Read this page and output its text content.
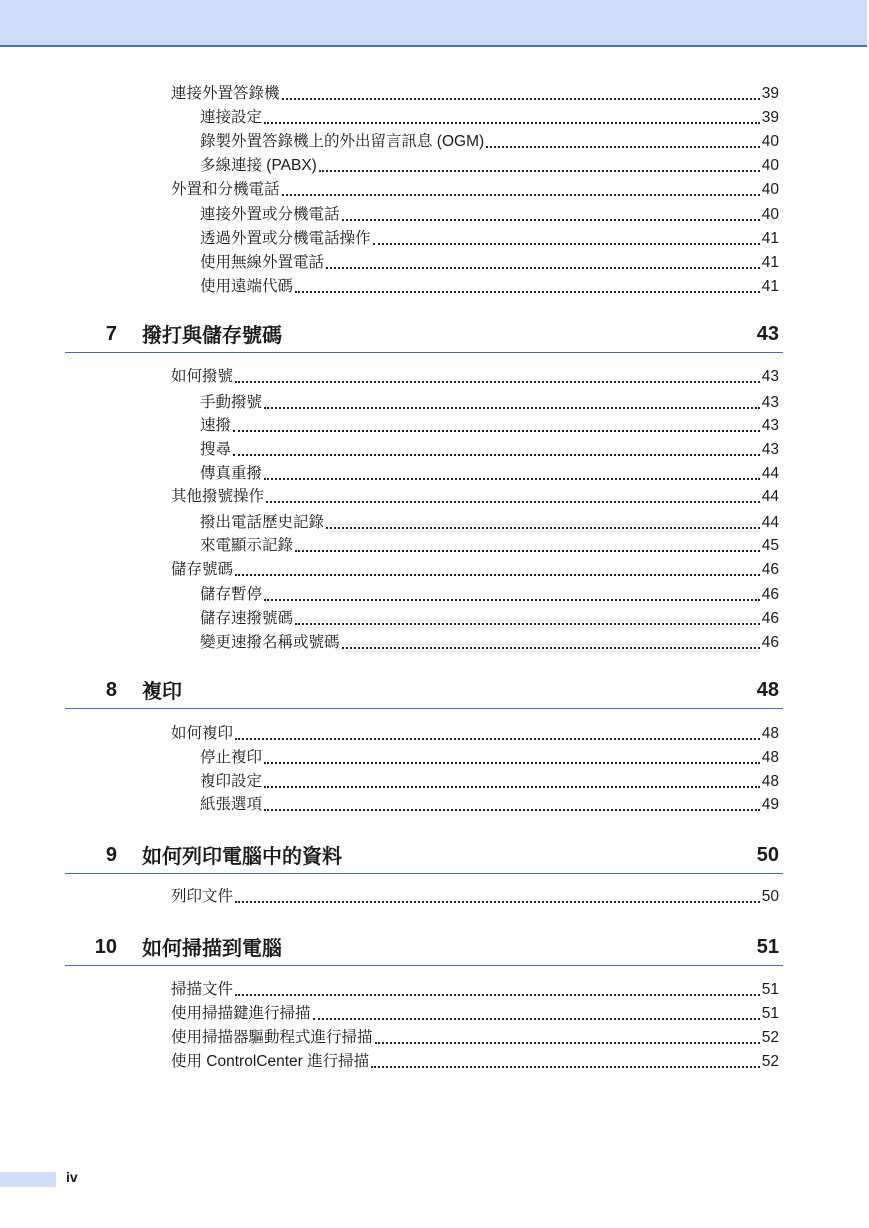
連接外置答錄機	39
連接設定	39
錄製外置答錄機上的外出留言訊息 (OGM)	40
多線連接 (PABX)	40
外置和分機電話	40
連接外置或分機電話	40
透過外置或分機電話操作	41
使用無線外置電話	41
使用遠端代碼	41
7 撥打與儲存號碼	43
如何撥號	43
手動撥號	43
速撥	43
搜尋	43
傳真重撥	44
其他撥號操作	44
撥出電話歷史記錄	44
來電顯示記錄	45
儲存號碼	46
儲存暫停	46
儲存速撥號碼	46
變更速撥名稱或號碼	46
8 複印	48
如何複印	48
停止複印	48
複印設定	48
紙張選項	49
9 如何列印電腦中的資料	50
列印文件	50
10 如何掃描到電腦	51
掃描文件	51
使用掃描鍵進行掃描	51
使用掃描器驅動程式進行掃描	52
使用 ControlCenter 進行掃描	52
iv
